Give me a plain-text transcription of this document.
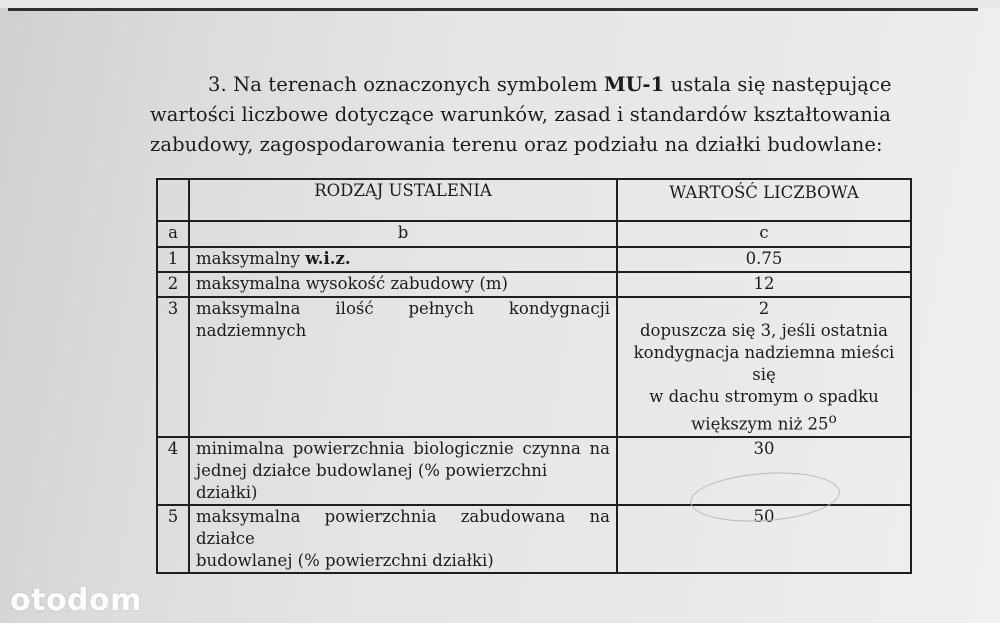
3. Na terenach oznaczonych symbolem MU-1 ustala się następujące
wartości liczbowe dotyczące warunków, zasad i standardów kształtowania
zabudowy, zagospodarowania terenu oraz podziału na działki budowlane:
	RODZAJ USTALENIA	WARTOŚĆ LICZBOWA
a	b	c
1	maksymalny w.i.z.	0.75
2	maksymalna wysokość zabudowy (m)	12
3	maksymalna ilość pełnych kondygnacji
nadziemnych	2
dopuszcza się 3, jeśli ostatnia
kondygnacja nadziemna mieści się
w dachu stromym o spadku
większym niż 25$^o$

4	minimalna powierzchnia biologicznie czynna na
jednej działce budowlanej (% powierzchni działki)	30
5	maksymalna powierzchnia zabudowana na działce
budowlanej (% powierzchni działki)	50
otodom
